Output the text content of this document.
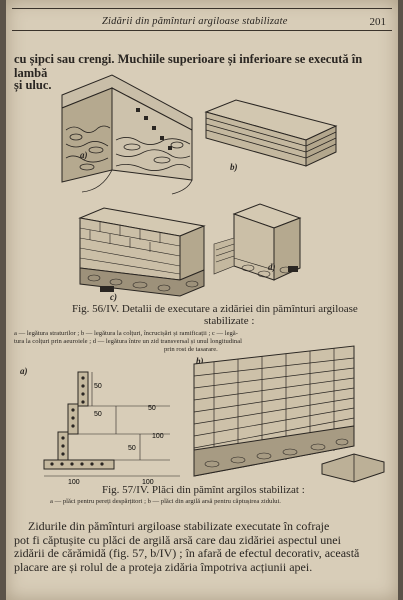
Zidării din pămînturi argiloase stabilizate	201
cu șipci sau crengi. Muchiile superioare și inferioare se execută în lambă
și uluc.
a)
b)
c)
d)
Fig. 56/IV. Detalii de executare a zidăriei din pămînturi argiloase
stabilizate :
a — legătura straturilor ; b — legătura la colțuri, încrucișări și ramificații ; c — legă-
tura la colțuri prin aeuroiele ; d — legătura între un zid transversal și unul longitudinal
prin rost de tasarare.
a)
50
50
50
50
100
100	100
b)
Fig. 57/IV. Plăci din pămînt argilos stabilizat :
a — plăci pentru pereți despărțitori ; b — plăci din argilă arsă pentru căptușirea zidului.
Zidurile din pămînturi argiloase stabilizate executate în cofraje
pot fi căptușite cu plăci de argilă arsă care dau zidăriei aspectul unei
zidării de cărămidă (fig. 57, b/IV) ; în afară de efectul decorativ, această
placare are și rolul de a proteja zidăria împotriva acțiunii apei.
